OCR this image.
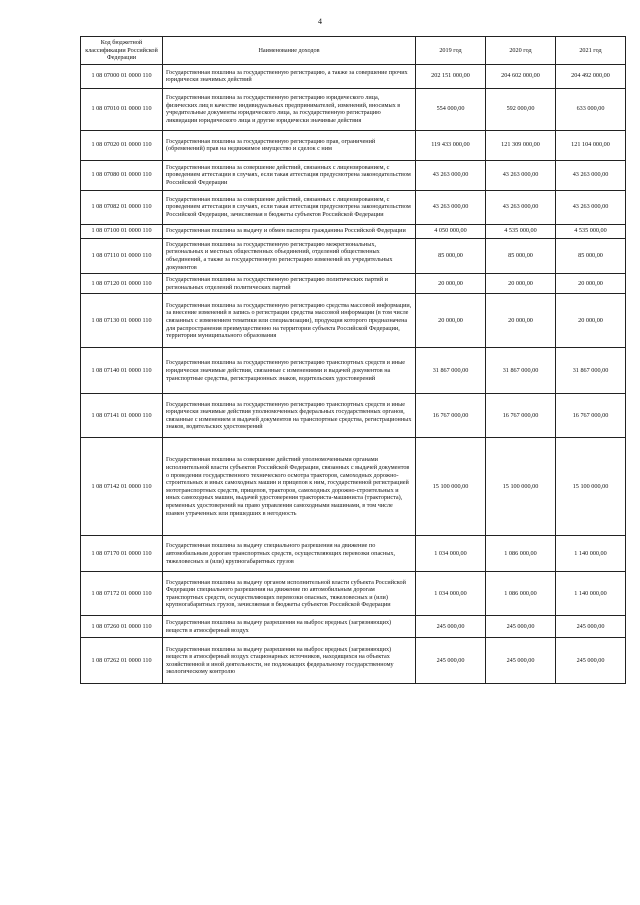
4
Код бюджетной классификации Российской Федерации	Наименование доходов	2019 год	2020 год	2021 год
1 08 07000 01 0000 110	Государственная пошлина за государственную регистрацию, а также за совершение прочих юридически значимых действий	202 151 000,00	204 602 000,00	204 492 000,00
1 08 07010 01 0000 110	Государственная пошлина за государственную регистрацию юридического лица, физических лиц в качестве индивидуальных предпринимателей, изменений, вносимых в учредительные документы юридического лица, за государственную регистрацию ликвидации юридического лица и другие юридически значимые действия	554 000,00	592 000,00	633 000,00
1 08 07020 01 0000 110	Государственная пошлина за государственную регистрацию прав, ограничений (обременений) прав на недвижимое имущество и сделок с ним	119 433 000,00	121 309 000,00	121 104 000,00
1 08 07080 01 0000 110	Государственная пошлина за совершение действий, связанных с лицензированием, с проведением аттестации в случаях, если такая аттестация предусмотрена законодательством Российской Федерации	43 263 000,00	43 263 000,00	43 263 000,00
1 08 07082 01 0000 110	Государственная пошлина за совершение действий, связанных с лицензированием, с проведением аттестации в случаях, если такая аттестация предусмотрена законодательством Российской Федерации, зачисляемая в бюджеты субъектов Российской Федерации	43 263 000,00	43 263 000,00	43 263 000,00
1 08 07100 01 0000 110	Государственная пошлина за выдачу и обмен паспорта гражданина Российской Федерации	4 050 000,00	4 535 000,00	4 535 000,00
1 08 07110 01 0000 110	Государственная пошлина за государственную регистрацию межрегиональных, региональных и местных общественных объединений, отделений общественных объединений, а также за государственную регистрацию изменений их учредительных документов	85 000,00	85 000,00	85 000,00
1 08 07120 01 0000 110	Государственная пошлина за государственную регистрацию политических партий и региональных отделений политических партий	20 000,00	20 000,00	20 000,00
1 08 07130 01 0000 110	Государственная пошлина за государственную регистрацию средства массовой информации, за внесение изменений в запись о регистрации средства массовой информации (в том числе связанных с изменением тематики или специализации), продукция которого предназначена для распространения преимущественно на территории субъекта Российской Федерации, территории муниципального образования	20 000,00	20 000,00	20 000,00
1 08 07140 01 0000 110	Государственная пошлина за государственную регистрацию транспортных средств и иные юридически значимые действия, связанные с изменениями и выдачей документов на транспортные средства, регистрационных знаков, водительских удостоверений	31 867 000,00	31 867 000,00	31 867 000,00
1 08 07141 01 0000 110	Государственная пошлина за государственную регистрацию транспортных средств и иные юридически значимые действия уполномоченных федеральных государственных органов, связанные с изменением и выдачей документов на транспортные средства, регистрационных знаков, водительских удостоверений	16 767 000,00	16 767 000,00	16 767 000,00
1 08 07142 01 0000 110	Государственная пошлина за совершение действий уполномоченными органами исполнительной власти субъектов Российской Федерации, связанных с выдачей документов о проведении государственного технического осмотра тракторов, самоходных дорожно-строительных и иных самоходных машин и прицепов к ним, государственной регистрацией мототранспортных средств, прицепов, тракторов, самоходных дорожно-строительных и иных самоходных машин, выдачей удостоверения тракториста-машиниста (тракториста), временных удостоверений на право управления самоходными машинами, в том числе взамен утраченных или пришедших в негодность	15 100 000,00	15 100 000,00	15 100 000,00
1 08 07170 01 0000 110	Государственная пошлина за выдачу специального разрешения на движение по автомобильным дорогам транспортных средств, осуществляющих перевозки опасных, тяжеловесных и (или) крупногабаритных грузов	1 034 000,00	1 086 000,00	1 140 000,00
1 08 07172 01 0000 110	Государственная пошлина за выдачу органом исполнительной власти субъекта Российской Федерации специального разрешения на движение по автомобильным дорогам транспортных средств, осуществляющих перевозки опасных, тяжеловесных и (или) крупногабаритных грузов, зачисляемая в бюджеты субъектов Российской Федерации	1 034 000,00	1 086 000,00	1 140 000,00
1 08 07260 01 0000 110	Государственная пошлина за выдачу разрешения на выброс вредных (загрязняющих) веществ в атмосферный воздух	245 000,00	245 000,00	245 000,00
1 08 07262 01 0000 110	Государственная пошлина за выдачу разрешения на выброс вредных (загрязняющих) веществ в атмосферный воздух стационарных источников, находящихся на объектах хозяйственной и иной деятельности, не подлежащих федеральному государственному экологическому контролю	245 000,00	245 000,00	245 000,00
